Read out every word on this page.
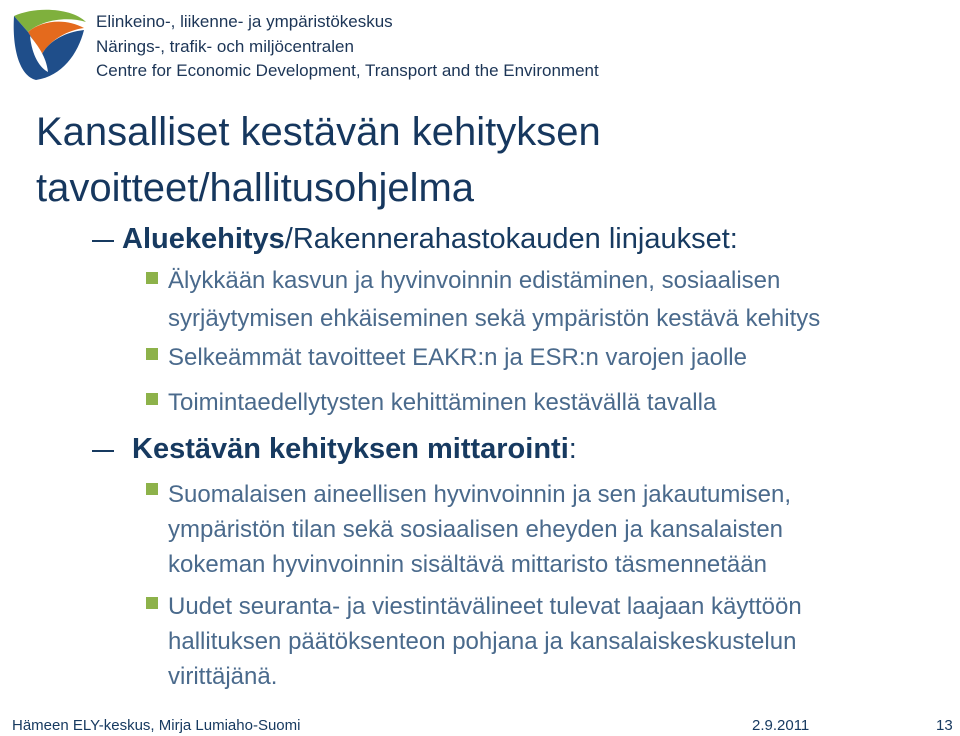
Elinkeino-, liikenne- ja ympäristökeskus
Närings-, trafik- och miljöcentralen
Centre for Economic Development, Transport and the Environment
Kansalliset kestävän kehityksen
tavoitteet/hallitusohjelma
Aluekehitys/Rakennerahastokauden linjaukset:
Älykkään kasvun ja hyvinvoinnin edistäminen, sosiaalisen
syrjäytymisen ehkäiseminen sekä ympäristön kestävä kehitys
Selkeämmät tavoitteet EAKR:n ja ESR:n varojen jaolle
Toimintaedellytysten kehittäminen kestävällä tavalla
Kestävän kehityksen mittarointi:
Suomalaisen aineellisen hyvinvoinnin ja sen jakautumisen,
ympäristön tilan sekä sosiaalisen eheyden ja kansalaisten
kokeman hyvinvoinnin sisältävä mittaristo täsmennetään
Uudet seuranta- ja viestintävälineet tulevat laajaan käyttöön
hallituksen päätöksenteon pohjana ja kansalaiskeskustelun
virittäjänä.
Hämeen ELY-keskus, Mirja Lumiaho-Suomi	2.9.2011	13
